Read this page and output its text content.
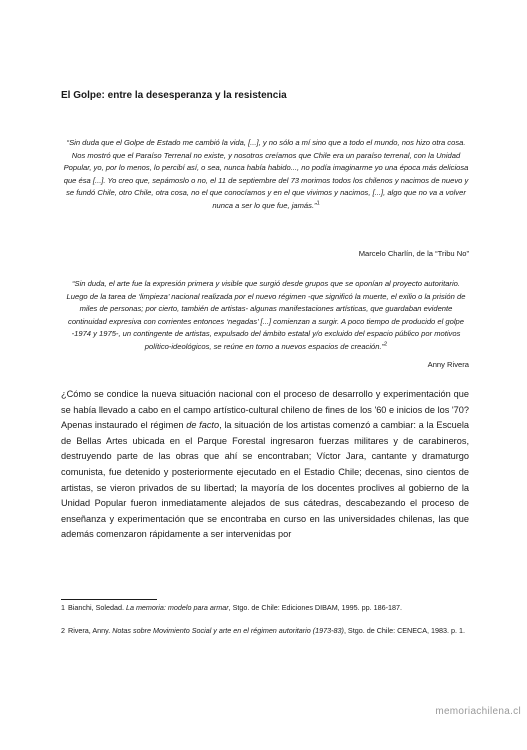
El Golpe: entre la desesperanza y la resistencia

“Sin duda que el Golpe de Estado me cambió la vida, [...], y no sólo a mí sino que a todo el mundo, nos hizo otra cosa. Nos mostró que el Paraíso Terrenal no existe, y nosotros creíamos que Chile era un paraíso terrenal, con la Unidad Popular, yo, por lo menos, lo percibí así, o sea, nunca había habido..., no podía imaginarme yo una época más deliciosa que ésa [...]. Yo creo que, sepámoslo o no, el 11 de septiembre del 73 morimos todos los chilenos y nacimos de nuevo y se fundó Chile, otro Chile, otra cosa, no el que conocíamos y en el que vivimos y nacimos, [...], algo que no va a volver nunca a ser lo que fue, jamás.”$^1$

Marcelo Charlín, de la “Tribu No”

“Sin duda, el arte fue la expresión primera y visible que surgió desde grupos que se oponían al proyecto autoritario. Luego de la tarea de ‘limpieza’ nacional realizada por el nuevo régimen -que significó la muerte, el exilio o la prisión de miles de personas; por cierto, también de artistas- algunas manifestaciones artísticas, que guardaban evidente continuidad expresiva con corrientes entonces ‘negadas’ [...] comienzan a surgir. A poco tiempo de producido el golpe -1974 y 1975-, un contingente de artistas, expulsado del ámbito estatal y/o excluido del espacio público por motivos político-ideológicos, se reúne en torno a nuevos espacios de creación.”$^2$

Anny Rivera

¿Cómo se condice la nueva situación nacional con el proceso de desarrollo y experimentación que se había llevado a cabo en el campo artístico-cultural chileno de fines de los '60 e inicios de los '70? Apenas instaurado el régimen de facto, la situación de los artistas comenzó a cambiar: a la Escuela de Bellas Artes ubicada en el Parque Forestal ingresaron fuerzas militares y de carabineros, destruyendo parte de las obras que ahí se encontraban; Víctor Jara, cantante y dramaturgo comunista, fue detenido y posteriormente ejecutado en el Estadio Chile; decenas, sino cientos de artistas, se vieron privados de su libertad; la mayoría de los docentes proclives al gobierno de la Unidad Popular fueron inmediatamente alejados de sus cátedras, descabezando el proceso de enseñanza y experimentación que se encontraba en curso en las universidades chilenas, las que además comenzaron rápidamente a ser intervenidas por

1 Bianchi, Soledad. La memoria: modelo para armar, Stgo. de Chile: Ediciones DIBAM, 1995. pp. 186-187.

2 Rivera, Anny. Notas sobre Movimiento Social y arte en el régimen autoritario (1973-83), Stgo. de Chile: CENECA, 1983. p. 1.

memoriachilena.cl
